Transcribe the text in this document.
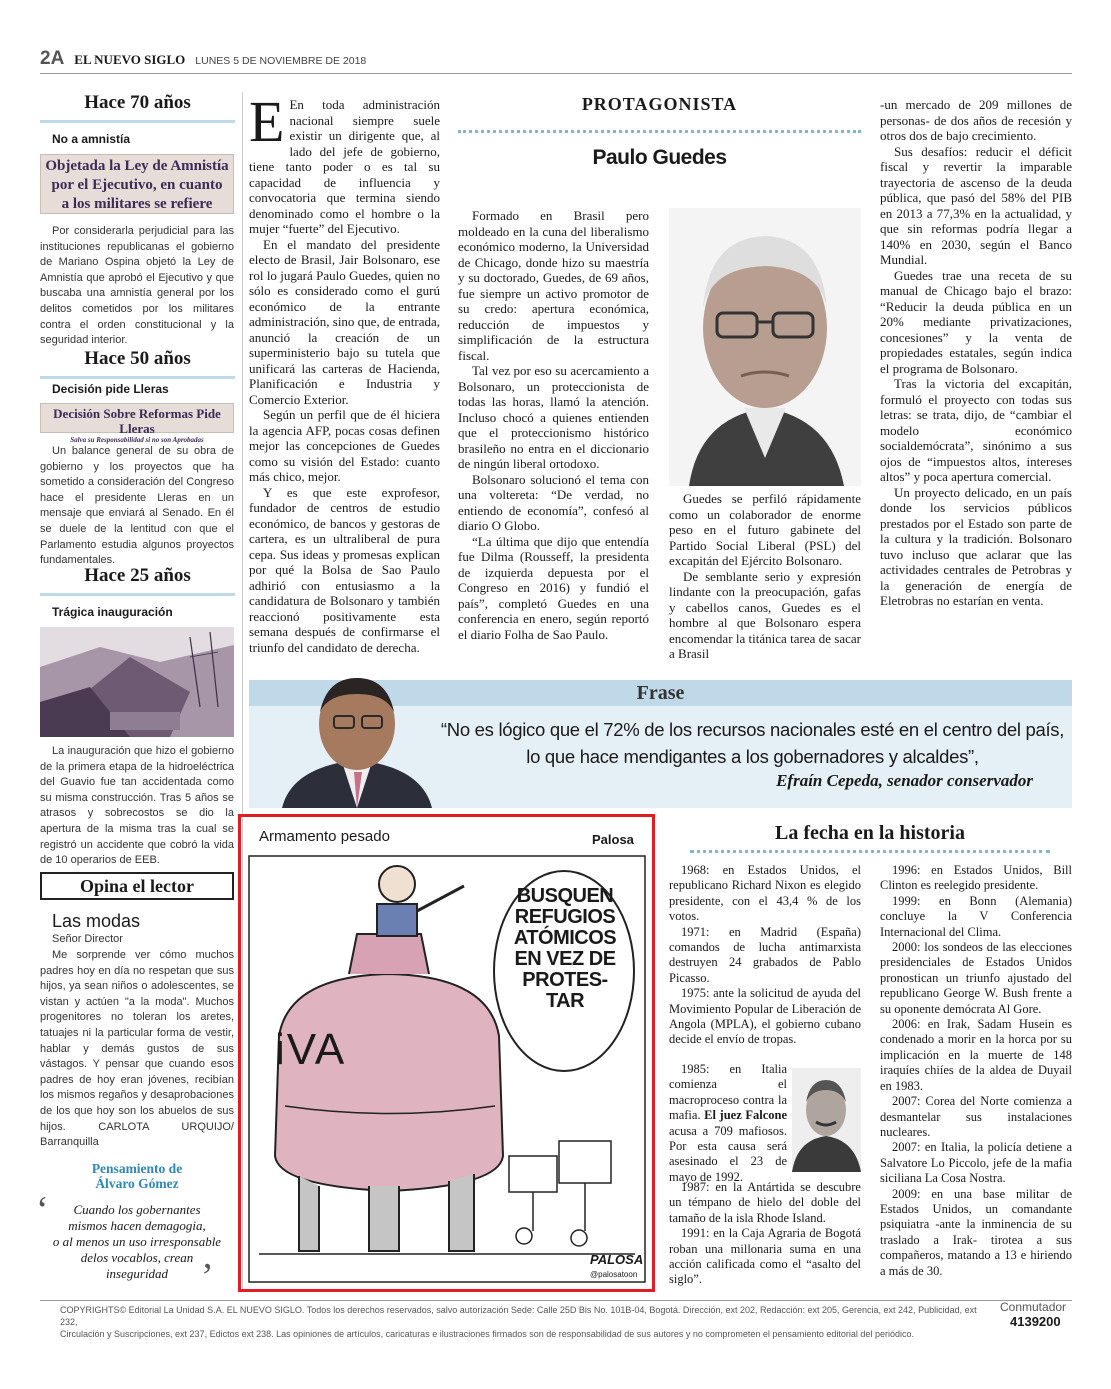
2A EL NUEVO SIGLO LUNES 5 DE NOVIEMBRE DE 2018
Hace 70 años
No a amnistía
Objetada la Ley de Amnistía
por el Ejecutivo, en cuanto
a los militares se refiere

Por considerarla perjudicial para las instituciones republicanas el gobierno de Mariano Ospina objetó la Ley de Amnistía que aprobó el Ejecutivo y que buscaba una amnistía general por los delitos cometidos por los militares contra el orden constitucional y la seguridad interior.

Hace 50 años
Decisión pide Lleras
Decisión Sobre Reformas Pide Lleras
Salva su Responsabilidad si no son Aprobadas

Un balance general de su obra de gobierno y los proyectos que ha sometido a consideración del Congreso hace el presidente Lleras en un mensaje que enviará al Senado. En él se duele de la lentitud con que el Parlamento estudia algunos proyectos fundamentales.

Hace 25 años
Trágica inauguración

La inauguración que hizo el gobierno de la primera etapa de la hidroeléctrica del Guavio fue tan accidentada como su misma construcción. Tras 5 años se atrasos y sobrecostos se dio la apertura de la misma tras la cual se registró un accidente que cobró la vida de 10 operarios de EEB.

Opina el lector
Las modas
Señor Director

Me sorprende ver cómo muchos padres hoy en día no respetan que sus hijos, ya sean niños o adolescentes, se vistan y actúen "a la moda". Muchos progenitores no toleran los aretes, tatuajes ni la particular forma de vestir, hablar y demás gustos de sus vástagos. Y pensar que cuando esos padres de hoy eran jóvenes, recibían los mismos regaños y desaprobaciones de los que hoy son los abuelos de sus hijos. CARLOTA URQUIJO/ Barranquilla

Pensamiento de
Álvaro Gómez
‘	Cuando los gobernantes
mismos hacen demagogia,
o al menos un uso irresponsable
delos vocablos, crean
inseguridad ’
PROTAGONISTA
Paulo Guedes

E En toda administración nacional siempre suele existir un dirigente que, al lado del jefe de gobierno, tiene tanto poder o es tal su capacidad de influencia y convocatoria que termina siendo denominado como el hombre o la mujer “fuerte” del Ejecutivo.

En el mandato del presidente electo de Brasil, Jair Bolsonaro, ese rol lo jugará Paulo Guedes, quien no sólo es considerado como el gurú económico de la entrante administración, sino que, de entrada, anunció la creación de un superministerio bajo su tutela que unificará las carteras de Hacienda, Planificación e Industria y Comercio Exterior.

Según un perfil que de él hiciera la agencia AFP, pocas cosas definen mejor las concepciones de Guedes como su visión del Estado: cuanto más chico, mejor.

Y es que este exprofesor, fundador de centros de estudio económico, de bancos y gestoras de cartera, es un ultraliberal de pura cepa. Sus ideas y promesas explican por qué la Bolsa de Sao Paulo adhirió con entusiasmo a la candidatura de Bolsonaro y también reaccionó positivamente esta semana después de confirmarse el triunfo del candidato de derecha.

Formado en Brasil pero moldeado en la cuna del liberalismo económico moderno, la Universidad de Chicago, donde hizo su maestría y su doctorado, Guedes, de 69 años, fue siempre un activo promotor de su credo: apertura económica, reducción de impuestos y simplificación de la estructura fiscal.

Tal vez por eso su acercamiento a Bolsonaro, un proteccionista de todas las horas, llamó la atención. Incluso chocó a quienes entienden que el proteccionismo histórico brasileño no entra en el diccionario de ningún liberal ortodoxo.

Bolsonaro solucionó el tema con una voltereta: “De verdad, no entiendo de economía”, confesó al diario O Globo.

“La última que dijo que entendía fue Dilma (Rousseff, la presidenta de izquierda depuesta por el Congreso en 2016) y fundió el país”, completó Guedes en una conferencia en enero, según reportó el diario Folha de Sao Paulo.

Guedes se perfiló rápidamente como un colaborador de enorme peso en el futuro gabinete del Partido Social Liberal (PSL) del excapitán del Ejército Bolsonaro.

De semblante serio y expresión lindante con la preocupación, gafas y cabellos canos, Guedes es el hombre al que Bolsonaro espera encomendar la titánica tarea de sacar a Brasil

-un mercado de 209 millones de personas- de dos años de recesión y otros dos de bajo crecimiento.

Sus desafíos: reducir el déficit fiscal y revertir la imparable trayectoria de ascenso de la deuda pública, que pasó del 58% del PIB en 2013 a 77,3% en la actualidad, y que sin reformas podría llegar a 140% en 2030, según el Banco Mundial.

Guedes trae una receta de su manual de Chicago bajo el brazo: “Reducir la deuda pública en un 20% mediante privatizaciones, concesiones” y la venta de propiedades estatales, según indica el programa de Bolsonaro.

Tras la victoria del excapitán, formuló el proyecto con todas sus letras: se trata, dijo, de “cambiar el modelo económico socialdemócrata”, sinónimo a sus ojos de “impuestos altos, intereses altos” y poca apertura comercial.

Un proyecto delicado, en un país donde los servicios públicos prestados por el Estado son parte de la cultura y la tradición. Bolsonaro tuvo incluso que aclarar que las actividades centrales de Petrobras y la generación de energía de Eletrobras no estarían en venta.

Frase
“No es lógico que el 72% de los recursos nacionales esté en el centro del país,
lo que hace mendigantes a los gobernadores y alcaldes”,
Efraín Cepeda, senador conservador
Armamento pesado	Palosa
iVA
BUSQUEN
REFUGIOS
ATÓMICOS
EN VEZ DE
PROTES-
TAR
PALOSA
@palosatoon
La fecha en la historia

1968: en Estados Unidos, el republicano Richard Nixon es elegido presidente, con el 43,4 % de los votos.

1971: en Madrid (España) comandos de lucha antimarxista destruyen 24 grabados de Pablo Picasso.

1975: ante la solicitud de ayuda del Movimiento Popular de Liberación de Angola (MPLA), el gobierno cubano decide el envío de tropas.

1985: en Italia comienza el macroproceso contra la mafia. El juez Falcone acusa a 709 mafiosos. Por esta causa será asesinado el 23 de mayo de 1992.

1987: en la Antártida se descubre un témpano de hielo del doble del tamaño de la isla Rhode Island.

1991: en la Caja Agraria de Bogotá roban una millonaria suma en una acción calificada como el “asalto del siglo”.

1996: en Estados Unidos, Bill Clinton es reelegido presidente.

1999: en Bonn (Alemania) concluye la V Conferencia Internacional del Clima.

2000: los sondeos de las elecciones presidenciales de Estados Unidos pronostican un triunfo ajustado del republicano George W. Bush frente a su oponente demócrata Al Gore.

2006: en Irak, Sadam Husein es condenado a morir en la horca por su implicación en la muerte de 148 iraquíes chiíes de la aldea de Duyail en 1983.

2007: Corea del Norte comienza a desmantelar sus instalaciones nucleares.

2007: en Italia, la policía detiene a Salvatore Lo Piccolo, jefe de la mafia siciliana La Cosa Nostra.

2009: en una base militar de Estados Unidos, un comandante psiquiatra -ante la inminencia de su traslado a Irak- tirotea a sus compañeros, matando a 13 e hiriendo a más de 30.

COPYRIGHTS© Editorial La Unidad S.A. EL NUEVO SIGLO. Todos los derechos reservados, salvo autorización Sede: Calle 25D Bis No. 101B-04, Bogotá. Dirección, ext 202, Redacción: ext 205, Gerencia, ext 242, Publicidad, ext 232,
Circulación y Suscripciones, ext 237, Edictos ext 238. Las opiniones de artículos, caricaturas e ilustraciones firmados son de responsabilidad de sus autores y no comprometen el pensamiento editorial del periódico.
Conmutador
4139200
